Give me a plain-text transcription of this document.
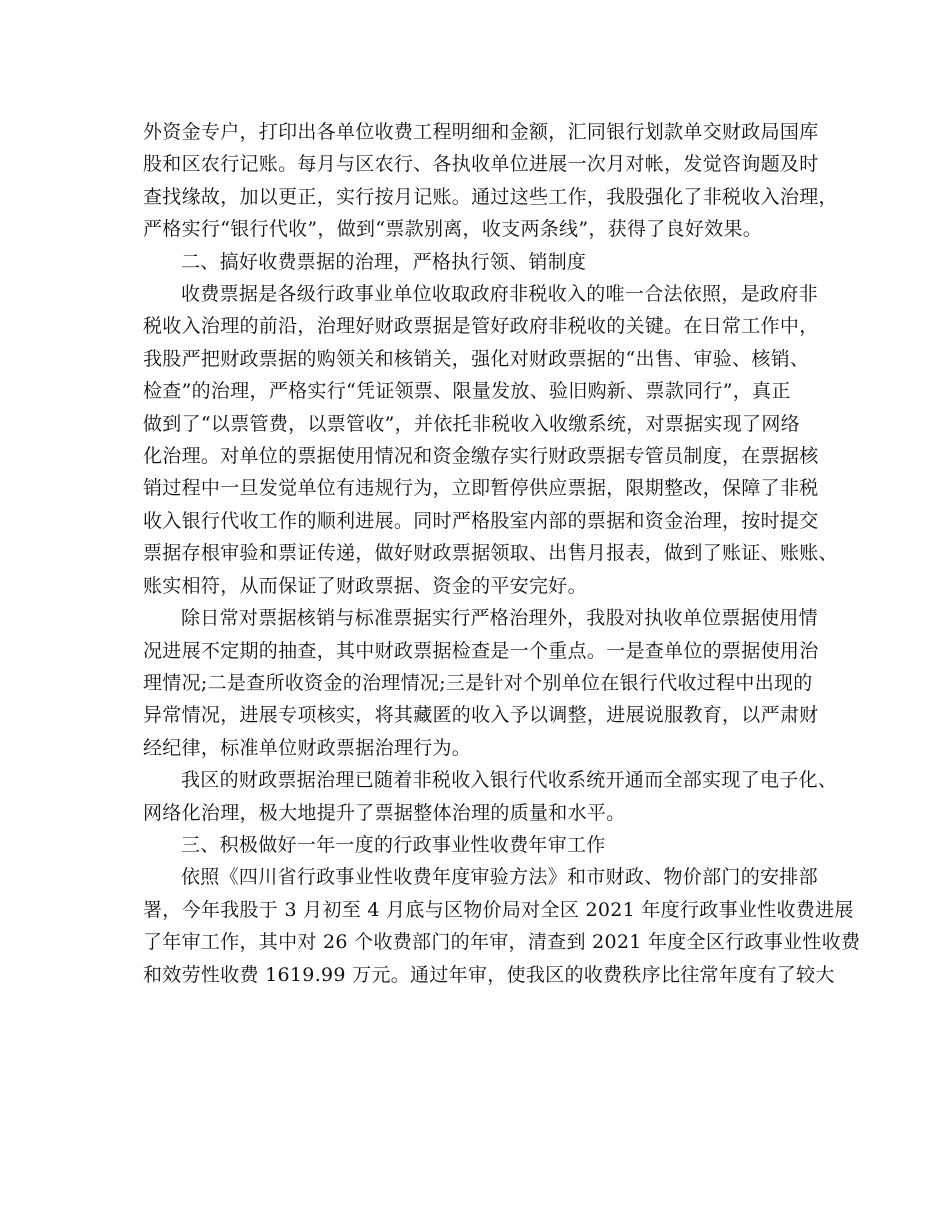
外资金专户，打印出各单位收费工程明细和金额，汇同银行划款单交财政局国库
股和区农行记账。每月与区农行、各执收单位进展一次月对帐，发觉咨询题及时
查找缘故，加以更正，实行按月记账。通过这些工作，我股强化了非税收入治理，
严格实行“银行代收”，做到“票款别离，收支两条线”，获得了良好效果。
二、搞好收费票据的治理，严格执行领、销制度
收费票据是各级行政事业单位收取政府非税收入的唯一合法依照，是政府非
税收入治理的前沿，治理好财政票据是管好政府非税收的关键。在日常工作中，
我股严把财政票据的购领关和核销关，强化对财政票据的“出售、审验、核销、
检查”的治理，严格实行“凭证领票、限量发放、验旧购新、票款同行”，真正
做到了“以票管费，以票管收”，并依托非税收入收缴系统，对票据实现了网络
化治理。对单位的票据使用情况和资金缴存实行财政票据专管员制度，在票据核
销过程中一旦发觉单位有违规行为，立即暂停供应票据，限期整改，保障了非税
收入银行代收工作的顺利进展。同时严格股室内部的票据和资金治理，按时提交
票据存根审验和票证传递，做好财政票据领取、出售月报表，做到了账证、账账、
账实相符，从而保证了财政票据、资金的平安完好。
除日常对票据核销与标准票据实行严格治理外，我股对执收单位票据使用情
况进展不定期的抽查，其中财政票据检查是一个重点。一是查单位的票据使用治
理情况;二是查所收资金的治理情况;三是针对个别单位在银行代收过程中出现的
异常情况，进展专项核实，将其藏匿的收入予以调整，进展说服教育，以严肃财
经纪律，标准单位财政票据治理行为。
我区的财政票据治理已随着非税收入银行代收系统开通而全部实现了电子化、
网络化治理，极大地提升了票据整体治理的质量和水平。
三、积极做好一年一度的行政事业性收费年审工作
依照《四川省行政事业性收费年度审验方法》和市财政、物价部门的安排部
署，今年我股于 3 月初至 4 月底与区物价局对全区 2021 年度行政事业性收费进展
了年审工作，其中对 26 个收费部门的年审，清查到 2021 年度全区行政事业性收费
和效劳性收费 1619.99 万元。通过年审，使我区的收费秩序比往常年度有了较大
